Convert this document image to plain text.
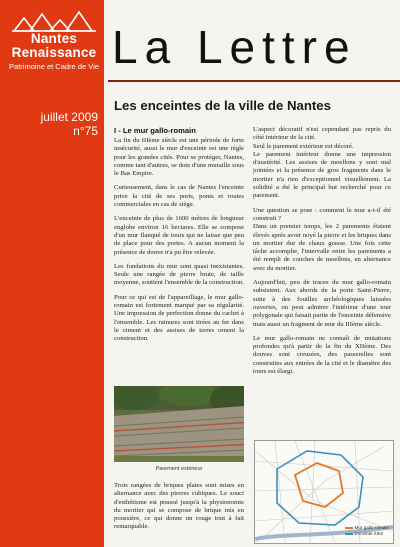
Nantes
Renaissance
Patrimoine et Cadre de Vie
juillet 2009
n°75
La Lettre
Les enceintes de la ville de Nantes
I - Le mur gallo-romain

La fin du IIIème siècle est une période de forte insécurité, aussi le mur d'enceinte est une règle pour les grandes cités. Pour se protéger, Nantes, comme tant d'autres, se dote d'une muraille sous le Bas Empire.

Curieusement, dans le cas de Nantes l'enceinte prive la cité de ses ports, ponts et routes commerciales en cas de siège.

L'enceinte de plus de 1600 mètres de longueur englobe environ 16 hectares. Elle se compose d'un mur flanqué de tours qui ne laisse que peu de place pour des portes. A aucun moment la présence de douve n'a pu être relevée.

Les fondations du mur sont quasi inexistantes. Seule une rangée de pierre brute, de taille moyenne, soutient l'ensemble de la construction.

Pour ce qui est de l'appareillage, le mur gallo-romain est fortement marqué par sa régularité. Une impression de perfection donne du cachet à l'ensemble. Les rainures sont tirées au fer dans le ciment et des assises de terres ornent la construction.

Parement extérieur

Trois rangées de briques plates sont mises en alternance avec des pierres cubiques. Le souci d'esthétisme est poussé jusqu'à la physionomie du mortier qui se compose de brique mis en poussière, ce qui donne un rouge tout à fait remarquable.

L'aspect décoratif n'est cependant pas repris du côté intérieur de la cité.

Seul le parement extérieur est décoré.

Le parement intérieur donne une impression d'austérité. Les assises de moellons y sont mal jointées et la présence de gros fragments dans le mortier n'a rien d'exceptionnel visuellement. La solidité a été le principal but recherché pour ce parement.

Une question se pose : comment le mur a-t-il été construit ?

Dans un premier temps, les 2 parements étaient élevés après avoir noyé la pierre et les briques dans un mortier dur de chaux grasse. Une fois cette tâche accomplie, l'intervalle entre les parements a été rempli de couches de moellons, en alternance avec du mortier.

Aujourd'hui, peu de traces du mur gallo-romain subsistent. Aux abords de la porte Saint-Pierre, suite à des fouilles archéologiques laissées ouvertes, on peut admirer l'intérieur d'une tour polygonale qui faisait partie de l'enceinte défensive mais aussi un fragment de mur du IIIème siècle.

Le mur gallo-romain ne connaît de mutations profondes qu'à partir de la fin du XIIème. Des douves sont creusées, des passerelles sont construites aux entrées de la cité et le diamètre des tours est élargi.

Mur gallo-romain
Enceinte XIIIe
